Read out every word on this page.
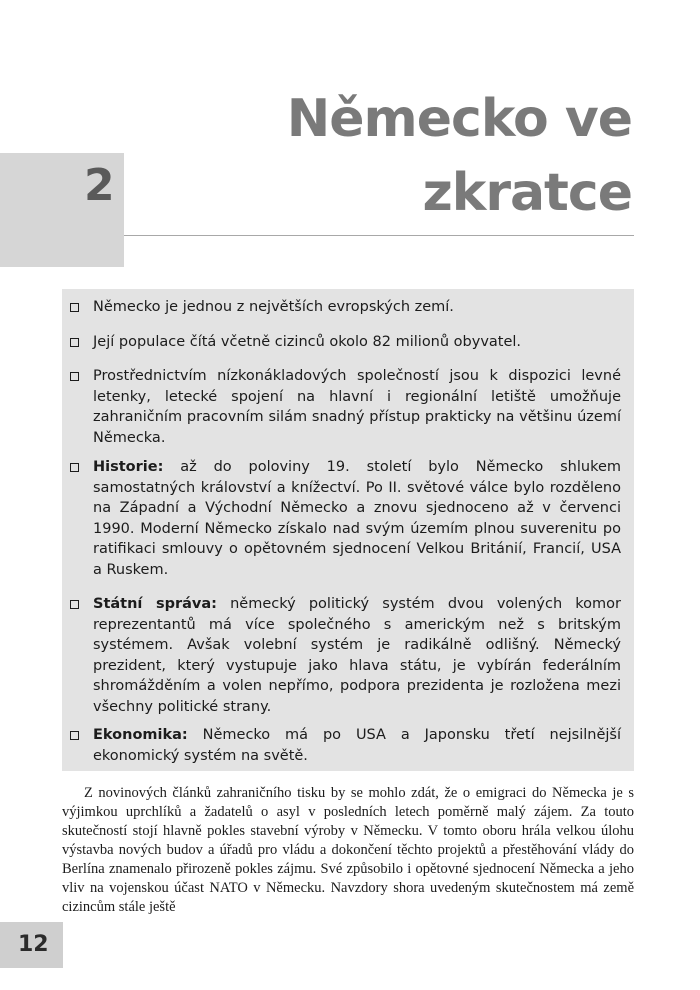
2
Německo ve
zkratce
Německo je jednou z největších evropských zemí.
Její populace čítá včetně cizinců okolo 82 milionů obyvatel.
Prostřednictvím nízkonákladových společností jsou k dispozici levné letenky, letecké spojení na hlavní i regionální letiště umožňuje zahraničním pracovním silám snadný přístup prakticky na většinu území Německa.
Historie: až do poloviny 19. století bylo Německo shlukem samostatných království a knížectví. Po II. světové válce bylo rozděleno na Západní a Východní Německo a znovu sjednoceno až v červenci 1990. Moderní Německo získalo nad svým územím plnou suverenitu po ratifikaci smlouvy o opětovném sjednocení Velkou Británií, Francií, USA a Ruskem.
Státní správa: německý politický systém dvou volených komor reprezentantů má více společného s americkým než s britským systémem. Avšak volební systém je radikálně odlišný. Německý prezident, který vystupuje jako hlava státu, je vybírán federálním shromážděním a volen nepřímo, podpora prezidenta je rozložena mezi všechny politické strany.
Ekonomika: Německo má po USA a Japonsku třetí nejsilnější ekonomický systém na světě.

Z novinových článků zahraničního tisku by se mohlo zdát, že o emigraci do Německa je s výjimkou uprchlíků a žadatelů o asyl v posledních letech poměrně malý zájem. Za touto skutečností stojí hlavně pokles stavební výroby v Německu. V tomto oboru hrála velkou úlohu výstavba nových budov a úřadů pro vládu a dokončení těchto projektů a přestěhování vlády do Berlína znamenalo přirozeně pokles zájmu. Své způsobilo i opětovné sjednocení Německa a jeho vliv na vojenskou účast NATO v Německu. Navzdory shora uvedeným skutečnostem má země cizincům stále ještě

12
